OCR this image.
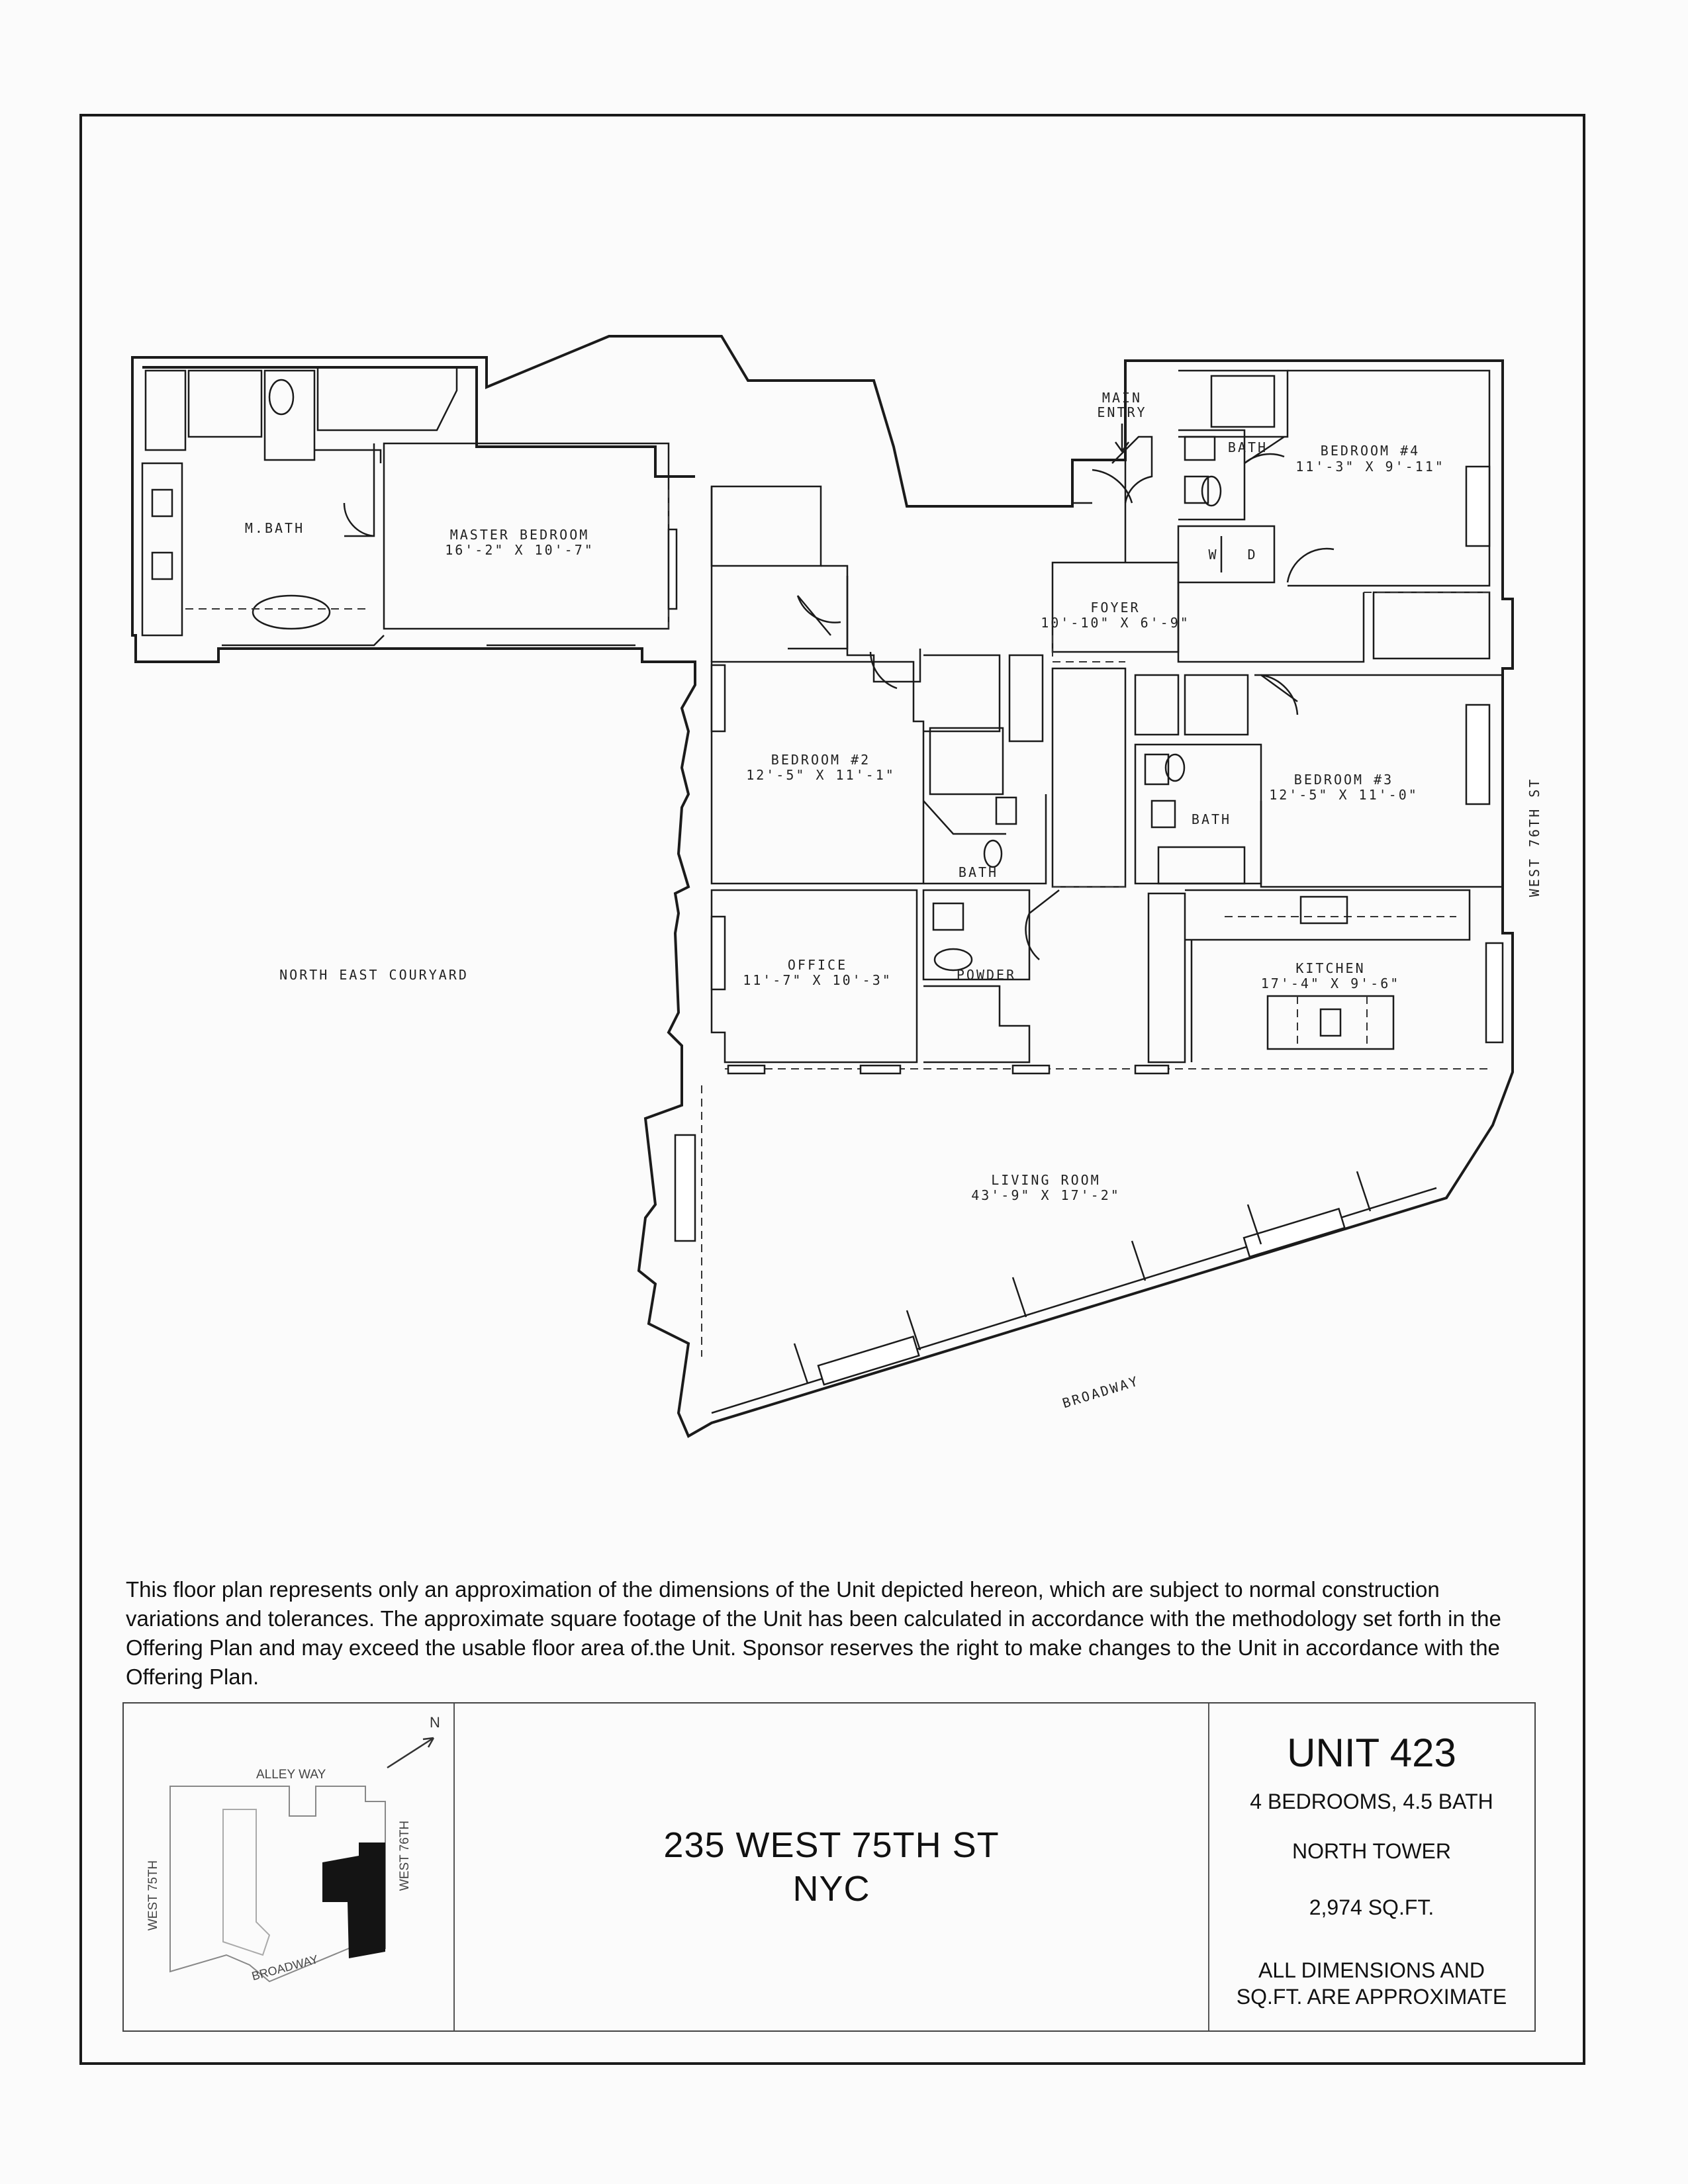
M.BATH	MASTER BEDROOM
16'-2" X 10'-7"
MAIN
ENTRY
BATH	BEDROOM #4
11'-3" X 9'-11"
W D
FOYER
10'-10" X 6'-9"
BEDROOM #2
12'-5" X 11'-1"
BATH
BATH
BEDROOM #3
12'-5" X 11'-0"
OFFICE
11'-7" X 10'-3"	POWDER	KITCHEN
17'-4" X 9'-6"
LIVING ROOM
43'-9" X 17'-2"
NORTH EAST COURYARD
WEST 76TH ST
BROADWAY
This floor plan represents only an approximation of the dimensions of the Unit depicted hereon, which are subject to normal construction variations and tolerances. The approximate square footage of the Unit has been calculated in accordance with the methodology set forth in the Offering Plan and may exceed the usable floor area of.the Unit. Sponsor reserves the right to make changes to the Unit in accordance with the Offering Plan.
N
ALLEY WAY
WEST 75TH
WEST 76TH
BROADWAY
235 WEST 75TH ST
NYC
UNIT 423
4 BEDROOMS, 4.5 BATH
NORTH TOWER
2,974 SQ.FT.
ALL DIMENSIONS AND
SQ.FT. ARE APPROXIMATE
